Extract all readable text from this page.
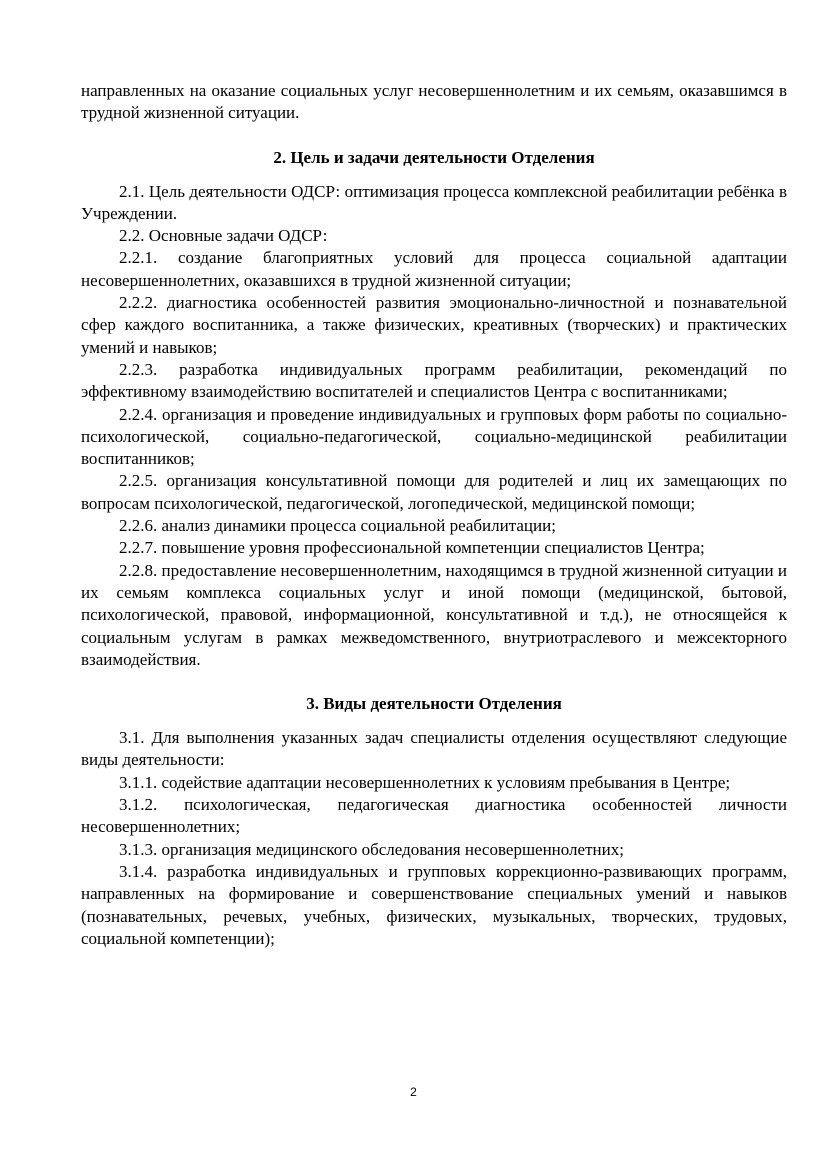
направленных на оказание социальных услуг несовершеннолетним и их семьям, оказавшимся в трудной жизненной ситуации.

2. Цель и задачи деятельности Отделения

2.1. Цель деятельности ОДСР: оптимизация процесса комплексной реабилитации ребёнка в Учреждении.

2.2. Основные задачи ОДСР:

2.2.1. создание благоприятных условий для процесса социальной адаптации несовершеннолетних, оказавшихся в трудной жизненной ситуации;

2.2.2. диагностика особенностей развития эмоционально-личностной и познавательной сфер каждого воспитанника, а также физических, креативных (творческих) и практических умений и навыков;

2.2.3. разработка индивидуальных программ реабилитации, рекомендаций по эффективному взаимодействию воспитателей и специалистов Центра с воспитанниками;

2.2.4. организация и проведение индивидуальных и групповых форм работы по социально-психологической, социально-педагогической, социально-медицинской реабилитации воспитанников;

2.2.5. организация консультативной помощи для родителей и лиц их замещающих по вопросам психологической, педагогической, логопедической, медицинской помощи;

2.2.6. анализ динамики процесса социальной реабилитации;

2.2.7. повышение уровня профессиональной компетенции специалистов Центра;

2.2.8. предоставление несовершеннолетним, находящимся в трудной жизненной ситуации и их семьям комплекса социальных услуг и иной помощи (медицинской, бытовой, психологической, правовой, информационной, консультативной и т.д.), не относящейся к социальным услугам в рамках межведомственного, внутриотраслевого и межсекторного взаимодействия.

3. Виды деятельности Отделения

3.1. Для выполнения указанных задач специалисты отделения осуществляют следующие виды деятельности:

3.1.1. содействие адаптации несовершеннолетних к условиям пребывания в Центре;

3.1.2. психологическая, педагогическая диагностика особенностей личности несовершеннолетних;

3.1.3. организация медицинского обследования несовершеннолетних;

3.1.4. разработка индивидуальных и групповых коррекционно-развивающих программ, направленных на формирование и совершенствование специальных умений и навыков (познавательных, речевых, учебных, физических, музыкальных, творческих, трудовых, социальной компетенции);

2
